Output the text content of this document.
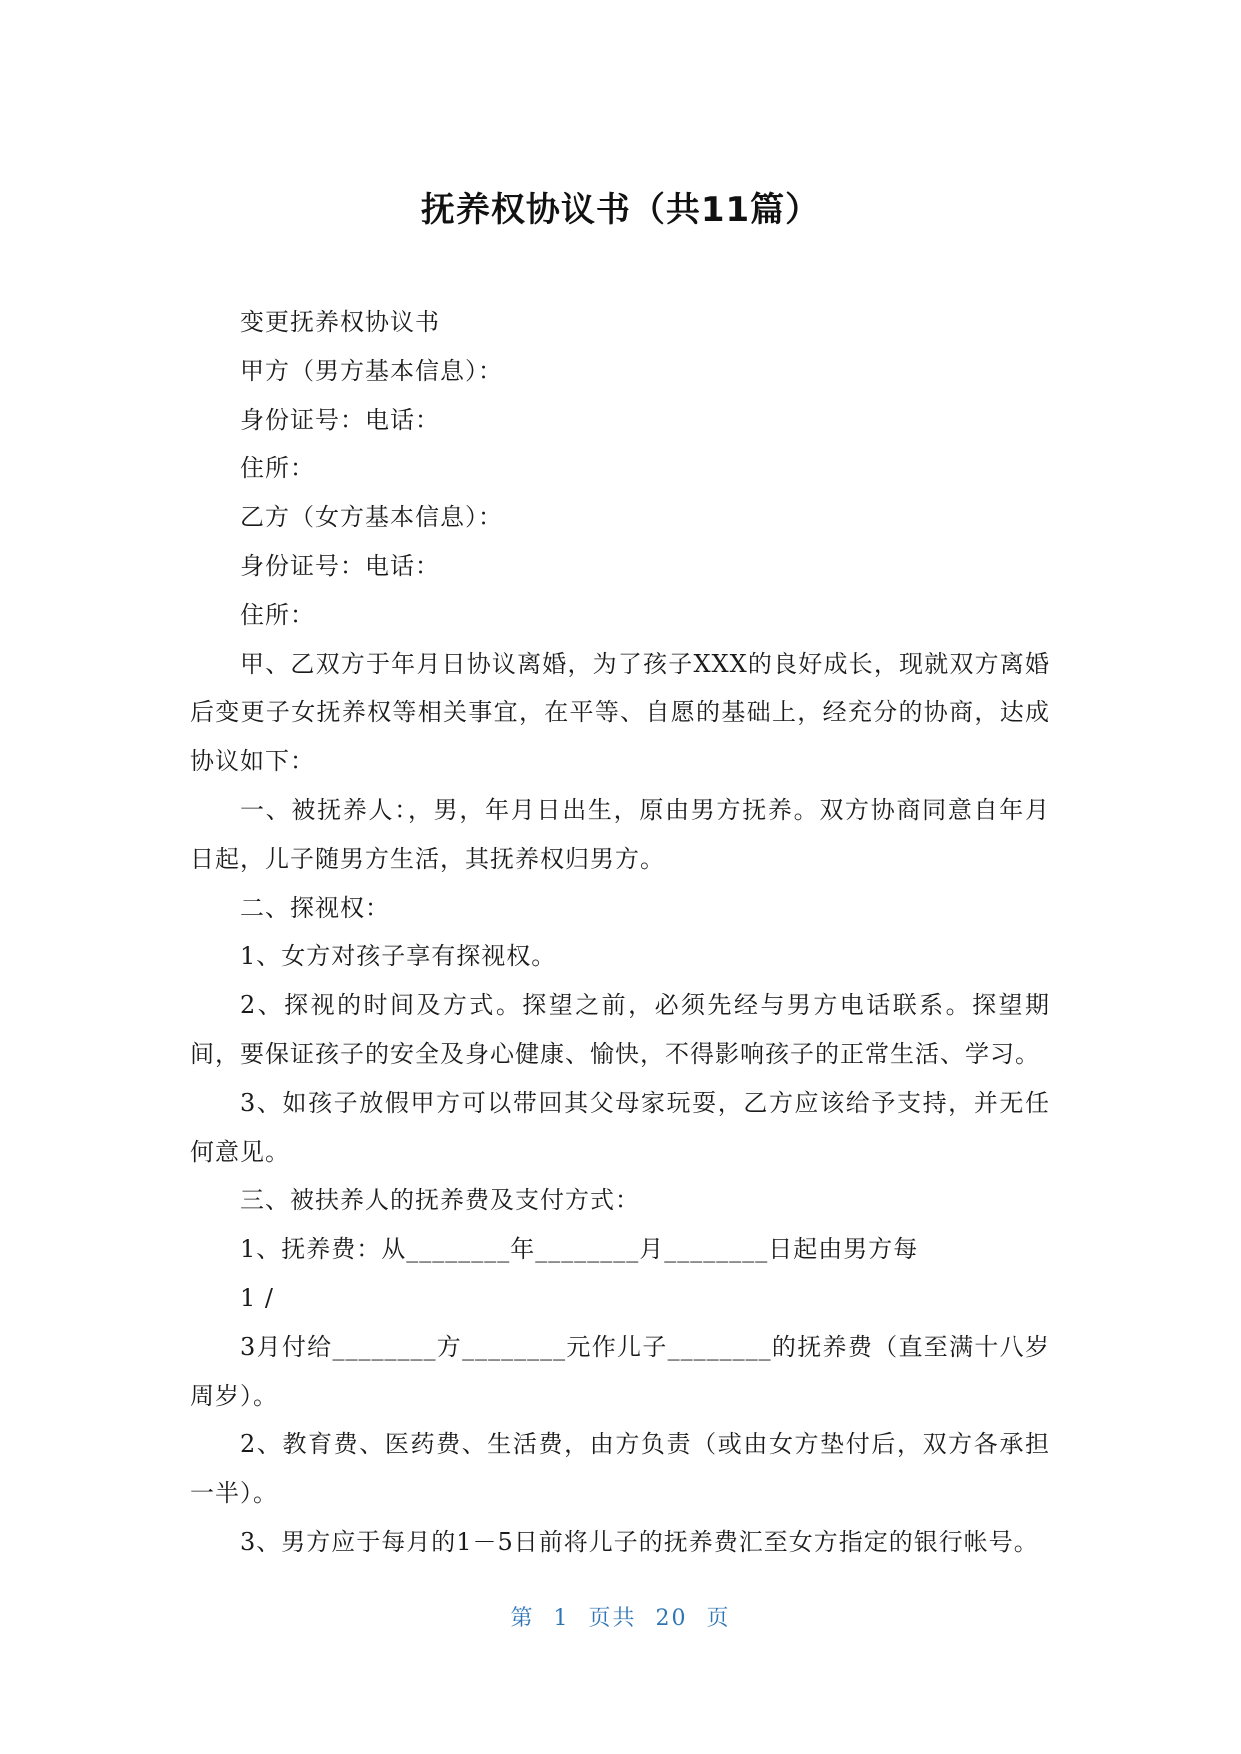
抚养权协议书（共11篇）

变更抚养权协议书

甲方（男方基本信息）：

身份证号：电话：

住所：

乙方（女方基本信息）：

身份证号：电话：

住所：

甲、乙双方于年月日协议离婚，为了孩子XXX的良好成长，现就双方离婚后变更子女抚养权等相关事宜，在平等、自愿的基础上，经充分的协商，达成协议如下：

一、被抚养人：，男，年月日出生，原由男方抚养。双方协商同意自年月日起，儿子随男方生活，其抚养权归男方。

二、探视权：

1、女方对孩子享有探视权。

2、探视的时间及方式。探望之前，必须先经与男方电话联系。探望期间，要保证孩子的安全及身心健康、愉快，不得影响孩子的正常生活、学习。

3、如孩子放假甲方可以带回其父母家玩耍，乙方应该给予支持，并无任何意见。

三、被扶养人的抚养费及支付方式：

1、抚养费：从________年________月________日起由男方每

1 /

3月付给________方________元作儿子________的抚养费（直至满十八岁周岁）。

2、教育费、医药费、生活费，由方负责（或由女方垫付后，双方各承担一半）。

3、男方应于每月的1－5日前将儿子的抚养费汇至女方指定的银行帐号。

第 1 页共 20 页
